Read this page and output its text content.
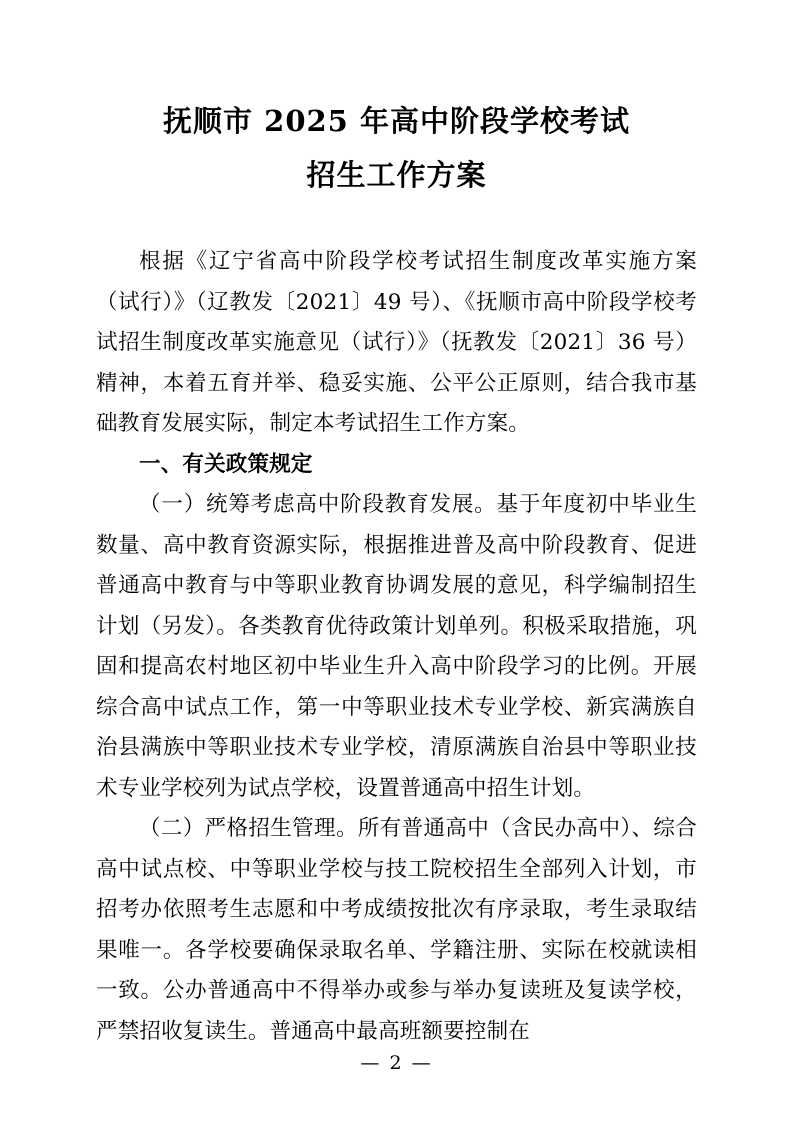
抚顺市 2025 年高中阶段学校考试
招生工作方案

根据《辽宁省高中阶段学校考试招生制度改革实施方案（试行）》（辽教发〔2021〕49 号）、《抚顺市高中阶段学校考试招生制度改革实施意见（试行）》（抚教发〔2021〕36 号）精神，本着五育并举、稳妥实施、公平公正原则，结合我市基础教育发展实际，制定本考试招生工作方案。

一、有关政策规定

（一）统筹考虑高中阶段教育发展。基于年度初中毕业生数量、高中教育资源实际，根据推进普及高中阶段教育、促进普通高中教育与中等职业教育协调发展的意见，科学编制招生计划（另发）。各类教育优待政策计划单列。积极采取措施，巩固和提高农村地区初中毕业生升入高中阶段学习的比例。开展综合高中试点工作，第一中等职业技术专业学校、新宾满族自治县满族中等职业技术专业学校，清原满族自治县中等职业技术专业学校列为试点学校，设置普通高中招生计划。

（二）严格招生管理。所有普通高中（含民办高中）、综合高中试点校、中等职业学校与技工院校招生全部列入计划，市招考办依照考生志愿和中考成绩按批次有序录取，考生录取结果唯一。各学校要确保录取名单、学籍注册、实际在校就读相一致。公办普通高中不得举办或参与举办复读班及复读学校，严禁招收复读生。普通高中最高班额要控制在

— 2 —
